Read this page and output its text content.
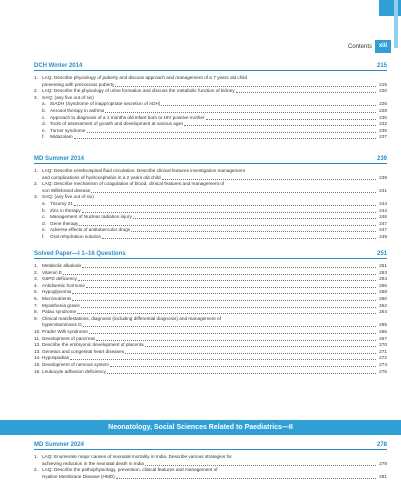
Contents	xiii
DCH Winter 2014	215
1. LAQ: Describe physiology of puberty and discuss approach and management of a 7 years old child
presenting with precocious puberty	215
2. LAQ: Describe the physiology of urine formation and discuss the metabolic function of kidney	220
3. SAQ: (any five out of six)
a. SIADH (Syndrome of inappropriate secretion of ADH)	226
b. Aerosol therapy in asthma	228
c. Approach to diagnosis of a 1 months old infant born to HIV positive mother	230
d. Tools of assessment of growth and development at various ages	232
e. Turner syndrome	235
f.	Midazolam	237
MD Summer 2014	239
1. LAQ: Describe cerebrospinal fluid circulation. Describe clinical features investigation management
and complications of hydrocephalus in a 2 years old child	239
2. LAQ: Describe mechanism of coagulation of blood, clinical features and management of
von Willebrand disease	241
3. SAQ: (any five out of six)
a. Trisomy 21	244
b. Zinc in therapy	244
c. Management of Nuclear radiation injury	246
d. Gene therapy	247
e. Adverse effects of antituberculor drugs	247
f.	Oral rehydration solution	249
Solved Paper—I 1–16 Questions	251
1. Metabolic alkalosis	251
2. Vitamin E	253
3. G6PD deficiency	254
4. Antidiuretic hormone	256
5. Hypoglycemia	258
6. Micronutrients	260
7. Myasthenia gravis	262
8. Patau syndrome	264
9. Clinical manifestations, diagnosis (including differential diagnosis) and management of
hypervitaminosis D	265
10. Prader Willi syndrome	266
11. Development of pancreas	267
12. Describe the embryonic development of placenta	270
13. Genetics and congenital heart diseases	271
14. Hypospadias	272
15. Development of nervous system	274
16. Leukocyte adhesion deficiency	276
Neonatology, Social Sciences Related to Paediatrics—II
MD Summer 2024	278
1. LAQ: Enumerate major causes of neonatal mortality in India. Describe various strategies for
achieving reduction in the neonatal death in India	278
2. LAQ: Describe the pathophysiology, prevention, clinical features and management of
Hyaline Membrane Disease (HMD)	281
